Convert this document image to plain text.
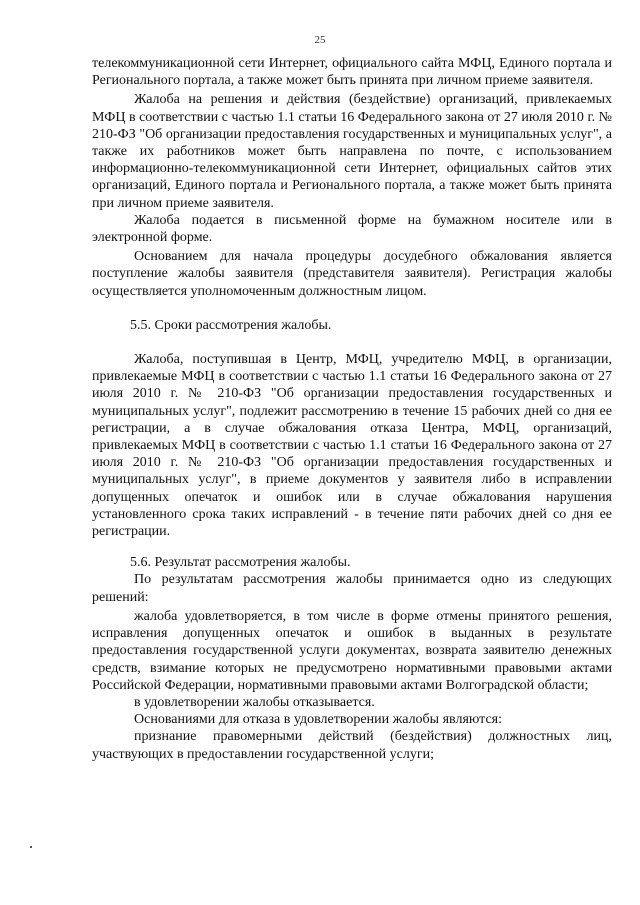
25

телекоммуникационной сети Интернет, официального сайта МФЦ, Единого портала и Регионального портала, а также может быть принята при личном приеме заявителя.

Жалоба на решения и действия (бездействие) организаций, привлекаемых МФЦ в соответствии с частью 1.1 статьи 16 Федерального закона от 27 июля 2010 г. № 210-ФЗ "Об организации предоставления государственных и муниципальных услуг", а также их работников может быть направлена по почте, с использованием информационно-телекоммуникационной сети Интернет, официальных сайтов этих организаций, Единого портала и Регионального портала, а также может быть принята при личном приеме заявителя.

Жалоба подается в письменной форме на бумажном носителе или в электронной форме.

Основанием для начала процедуры досудебного обжалования является поступление жалобы заявителя (представителя заявителя). Регистрация жалобы осуществляется уполномоченным должностным лицом.

5.5. Сроки рассмотрения жалобы.

Жалоба, поступившая в Центр, МФЦ, учредителю МФЦ, в организации, привлекаемые МФЦ в соответствии с частью 1.1 статьи 16 Федерального закона от 27 июля 2010 г. № 210-ФЗ "Об организации предоставления государственных и муниципальных услуг", подлежит рассмотрению в течение 15 рабочих дней со дня ее регистрации, а в случае обжалования отказа Центра, МФЦ, организаций, привлекаемых МФЦ в соответствии с частью 1.1 статьи 16 Федерального закона от 27 июля 2010 г. № 210-ФЗ "Об организации предоставления государственных и муниципальных услуг", в приеме документов у заявителя либо в исправлении допущенных опечаток и ошибок или в случае обжалования нарушения установленного срока таких исправлений - в течение пяти рабочих дней со дня ее регистрации.

5.6. Результат рассмотрения жалобы.

По результатам рассмотрения жалобы принимается одно из следующих решений:

жалоба удовлетворяется, в том числе в форме отмены принятого решения, исправления допущенных опечаток и ошибок в выданных в результате предоставления государственной услуги документах, возврата заявителю денежных средств, взимание которых не предусмотрено нормативными правовыми актами Российской Федерации, нормативными правовыми актами Волгоградской области;

в удовлетворении жалобы отказывается.

Основаниями для отказа в удовлетворении жалобы являются:

признание правомерными действий (бездействия) должностных лиц, участвующих в предоставлении государственной услуги;
